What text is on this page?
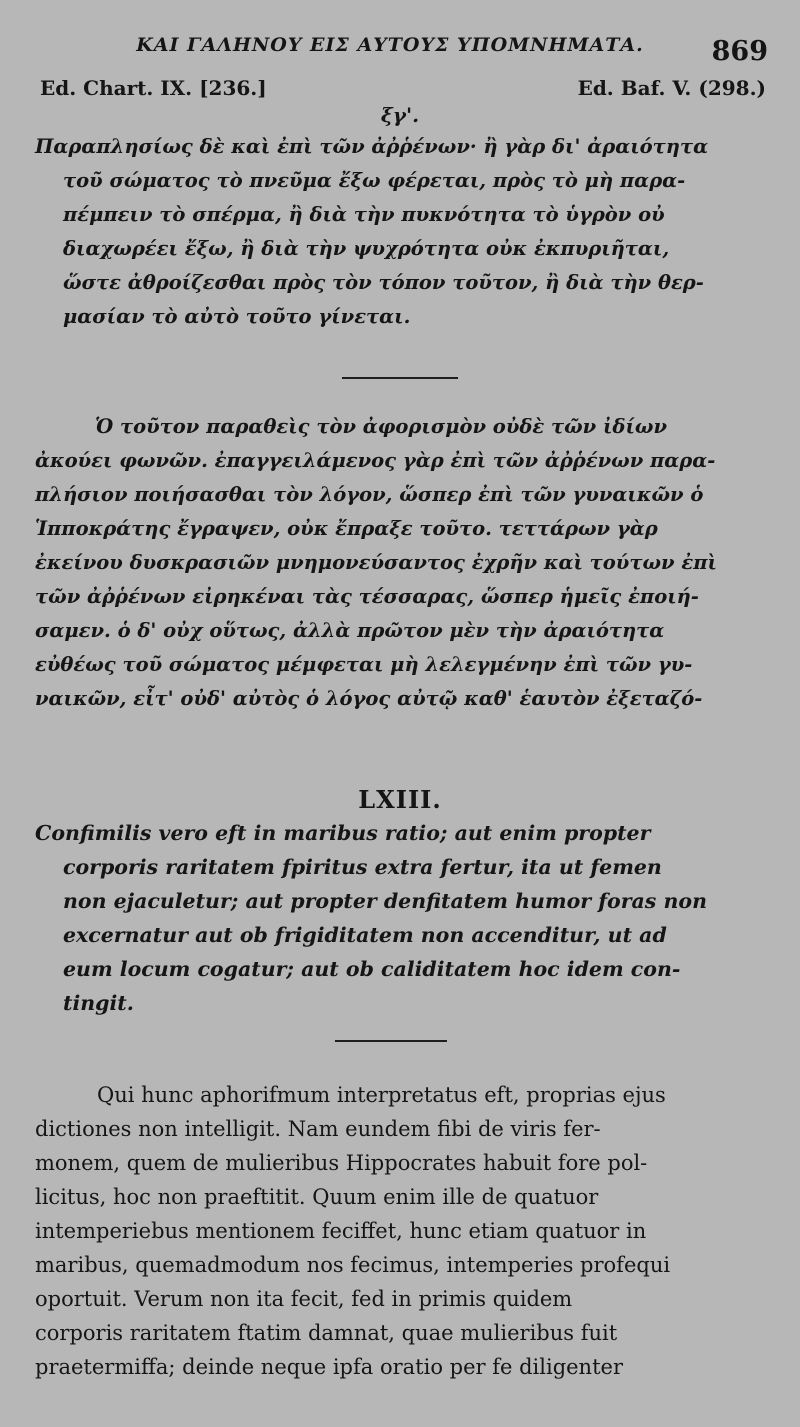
ΚΑΙ ΓΑΛΗΝΟΥ ΕΙΣ ΑΥΤΟΥΣ ΥΠΟΜΝΗΜΑΤΑ.	869
Ed. Chart. IX. [236.]	Ed. Baf. V. (298.)
ξγ'.
Παραπλησίως δὲ καὶ ἐπὶ τῶν ἀῤῥένων· ἢ γὰρ δι' ἀραιότητα
τοῦ σώματος τὸ πνεῦμα ἔξω φέρεται, πρὸς τὸ μὴ παρα-
πέμπειν τὸ σπέρμα, ἢ διὰ τὴν πυκνότητα τὸ ὑγρὸν οὐ
διαχωρέει ἔξω, ἢ διὰ τὴν ψυχρότητα οὐκ ἐκπυριῆται,
ὥστε ἀθροίζεσθαι πρὸς τὸν τόπον τοῦτον, ἢ διὰ τὴν θερ-
μασίαν τὸ αὐτὸ τοῦτο γίνεται.
Ὁ τοῦτον παραθεὶς τὸν ἀφορισμὸν οὐδὲ τῶν ἰδίων
ἀκούει φωνῶν. ἐπαγγειλάμενος γὰρ ἐπὶ τῶν ἀῤῥένων παρα-
πλήσιον ποιήσασθαι τὸν λόγον, ὥσπερ ἐπὶ τῶν γυναικῶν ὁ
Ἱπποκράτης ἔγραψεν, οὐκ ἔπραξε τοῦτο. τεττάρων γὰρ
ἐκείνου δυσκρασιῶν μνημονεύσαντος ἐχρῆν καὶ τούτων ἐπὶ
τῶν ἀῤῥένων εἰρηκέναι τὰς τέσσαρας, ὥσπερ ἡμεῖς ἐποιή-
σαμεν. ὁ δ' οὐχ οὕτως, ἀλλὰ πρῶτον μὲν τὴν ἀραιότητα
εὐθέως τοῦ σώματος μέμφεται μὴ λελεγμένην ἐπὶ τῶν γυ-
ναικῶν, εἶτ' οὐδ' αὐτὸς ὁ λόγος αὐτῷ καθ' ἑαυτὸν ἐξεταζό-
LXIII.
Confimilis vero eft in maribus ratio; aut enim propter
corporis raritatem fpiritus extra fertur, ita ut femen
non ejaculetur; aut propter denfitatem humor foras non
excernatur aut ob frigiditatem non accenditur, ut ad
eum locum cogatur; aut ob caliditatem hoc idem con-
tingit.
Qui hunc aphorifmum interpretatus eft, proprias ejus
dictiones non intelligit. Nam eundem fibi de viris fer-
monem, quem de mulieribus Hippocrates habuit fore pol-
licitus, hoc non praeftitit. Quum enim ille de quatuor
intemperiebus mentionem feciffet, hunc etiam quatuor in
maribus, quemadmodum nos fecimus, intemperies profequi
oportuit. Verum non ita fecit, fed in primis quidem
corporis raritatem ftatim damnat, quae mulieribus fuit
praetermiffa; deinde neque ipfa oratio per fe diligenter
